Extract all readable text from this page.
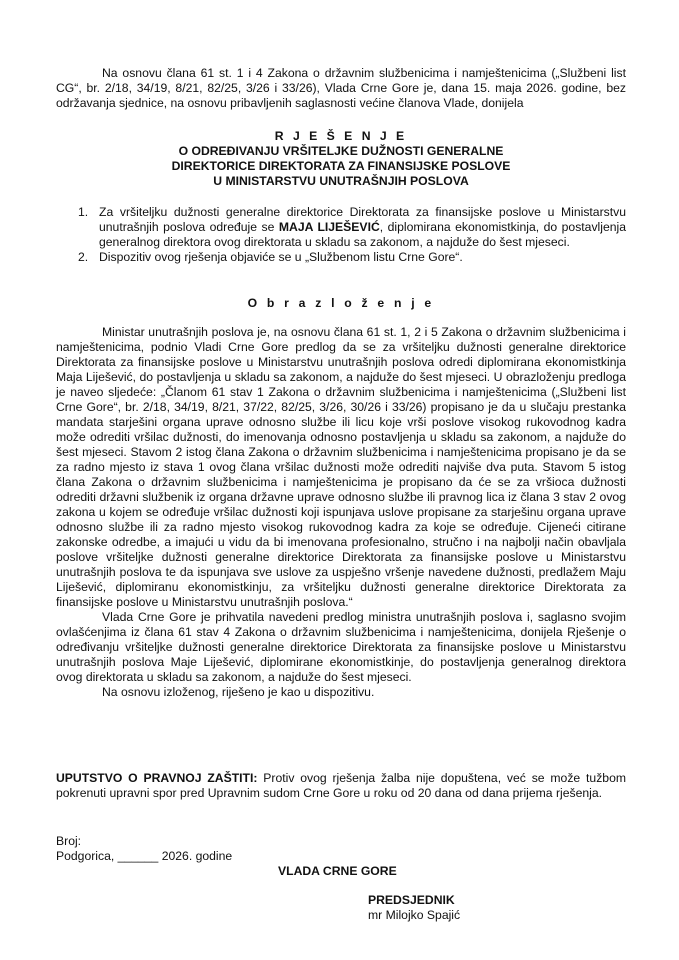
Na osnovu člana 61 st. 1 i 4 Zakona o državnim službenicima i namještenicima („Službeni list CG“, br. 2/18, 34/19, 8/21, 82/25, 3/26 i 33/26), Vlada Crne Gore je, dana 15. maja 2026. godine, bez održavanja sjednice, na osnovu pribavljenih saglasnosti većine članova Vlade, donijela
R J E Š E N J E
O ODREĐIVANJU VRŠITELJKE DUŽNOSTI GENERALNE
DIREKTORICE DIREKTORATA ZA FINANSIJSKE POSLOVE
U MINISTARSTVU UNUTRAŠNJIH POSLOVA
1. Za vršiteljku dužnosti generalne direktorice Direktorata za finansijske poslove u Ministarstvu unutrašnjih poslova određuje se MAJA LIJEŠEVIĆ, diplomirana ekonomistkinja, do postavljenja generalnog direktora ovog direktorata u skladu sa zakonom, a najduže do šest mjeseci.
2. Dispozitiv ovog rješenja objaviće se u „Službenom listu Crne Gore“.
O b r a z l o ž e n j e

Ministar unutrašnjih poslova je, na osnovu člana 61 st. 1, 2 i 5 Zakona o državnim službenicima i namještenicima, podnio Vladi Crne Gore predlog da se za vršiteljku dužnosti generalne direktorice Direktorata za finansijske poslove u Ministarstvu unutrašnjih poslova odredi diplomirana ekonomistkinja Maja Liješević, do postavljenja u skladu sa zakonom, a najduže do šest mjeseci. U obrazloženju predloga je naveo sljedeće: „Članom 61 stav 1 Zakona o državnim službenicima i namještenicima („Službeni list Crne Gore“, br. 2/18, 34/19, 8/21, 37/22, 82/25, 3/26, 30/26 i 33/26) propisano je da u slučaju prestanka mandata starješini organa uprave odnosno službe ili licu koje vrši poslove visokog rukovodnog kadra može odrediti vršilac dužnosti, do imenovanja odnosno postavljenja u skladu sa zakonom, a najduže do šest mjeseci. Stavom 2 istog člana Zakona o državnim službenicima i namještenicima propisano je da se za radno mjesto iz stava 1 ovog člana vršilac dužnosti može odrediti najviše dva puta. Stavom 5 istog člana Zakona o državnim službenicima i namještenicima je propisano da će se za vršioca dužnosti odrediti državni službenik iz organa državne uprave odnosno službe ili pravnog lica iz člana 3 stav 2 ovog zakona u kojem se određuje vršilac dužnosti koji ispunjava uslove propisane za starješinu organa uprave odnosno službe ili za radno mjesto visokog rukovodnog kadra za koje se određuje. Cijeneći citirane zakonske odredbe, a imajući u vidu da bi imenovana profesionalno, stručno i na najbolji način obavljala poslove vršiteljke dužnosti generalne direktorice Direktorata za finansijske poslove u Ministarstvu unutrašnjih poslova te da ispunjava sve uslove za uspješno vršenje navedene dužnosti, predlažem Maju Liješević, diplomiranu ekonomistkinju, za vršiteljku dužnosti generalne direktorice Direktorata za finansijske poslove u Ministarstvu unutrašnjih poslova.“

Vlada Crne Gore je prihvatila navedeni predlog ministra unutrašnjih poslova i, saglasno svojim ovlašćenjima iz člana 61 stav 4 Zakona o državnim službenicima i namještenicima, donijela Rješenje o određivanju vršiteljke dužnosti generalne direktorice Direktorata za finansijske poslove u Ministarstvu unutrašnjih poslova Maje Liješević, diplomirane ekonomistkinje, do postavljenja generalnog direktora ovog direktorata u skladu sa zakonom, a najduže do šest mjeseci.

Na osnovu izloženog, riješeno je kao u dispozitivu.

UPUTSTVO O PRAVNOJ ZAŠTITI: Protiv ovog rješenja žalba nije dopuštena, već se može tužbom pokrenuti upravni spor pred Upravnim sudom Crne Gore u roku od 20 dana od dana prijema rješenja.
Broj:
Podgorica, ______ 2026. godine
VLADA CRNE GORE
PREDSJEDNIK
mr Milojko Spajić
